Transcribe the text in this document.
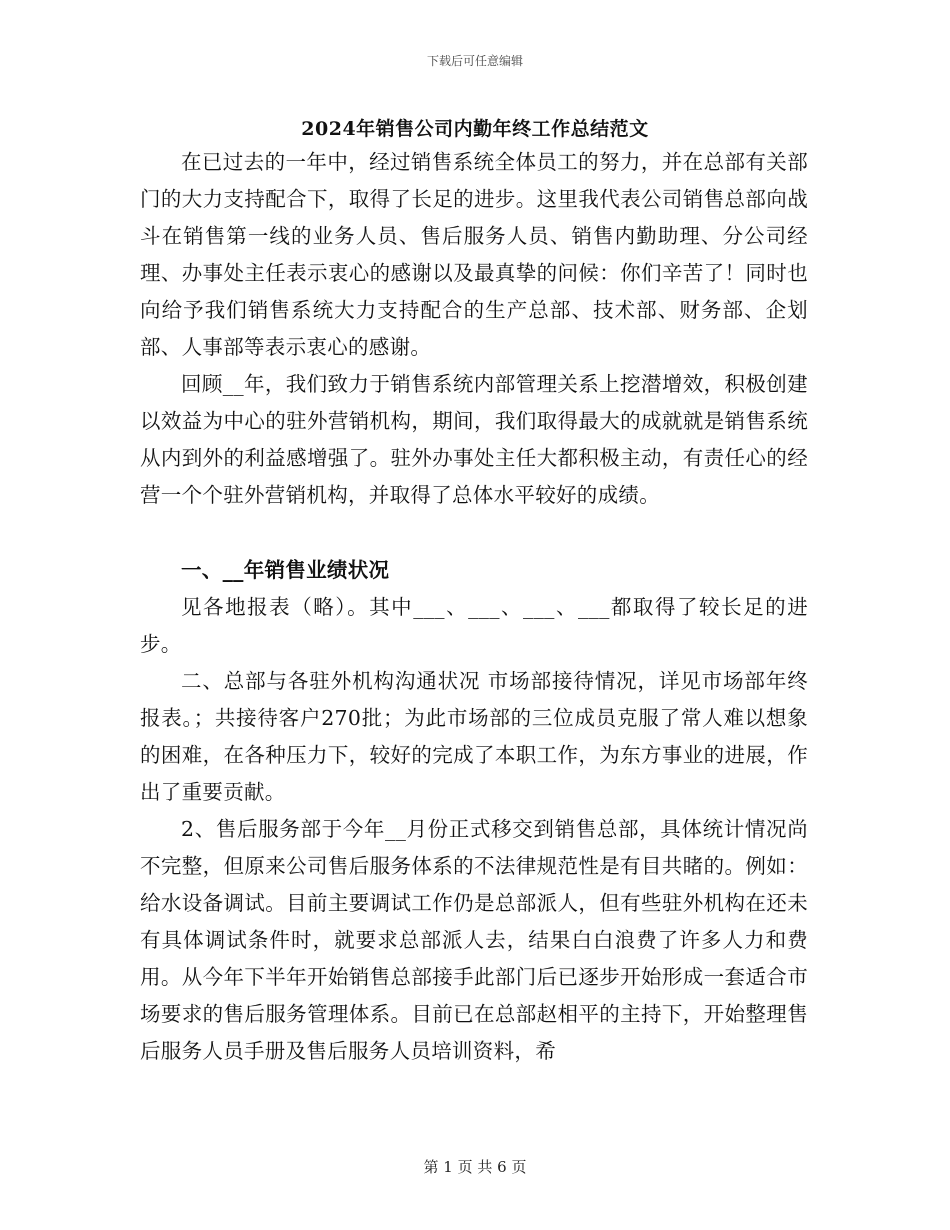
下载后可任意编辑
2024年销售公司内勤年终工作总结范文

在已过去的一年中，经过销售系统全体员工的努力，并在总部有关部门的大力支持配合下，取得了长足的进步。这里我代表公司销售总部向战斗在销售第一线的业务人员、售后服务人员、销售内勤助理、分公司经理、办事处主任表示衷心的感谢以及最真挚的问候：你们辛苦了！同时也向给予我们销售系统大力支持配合的生产总部、技术部、财务部、企划部、人事部等表示衷心的感谢。

回顾__年，我们致力于销售系统内部管理关系上挖潜增效，积极创建以效益为中心的驻外营销机构，期间，我们取得最大的成就就是销售系统从内到外的利益感增强了。驻外办事处主任大都积极主动，有责任心的经营一个个驻外营销机构，并取得了总体水平较好的成绩。

一、__年销售业绩状况

见各地报表（略）。其中___、___、___、___都取得了较长足的进步。

二、总部与各驻外机构沟通状况 市场部接待情况，详见市场部年终报表。；共接待客户270批；为此市场部的三位成员克服了常人难以想象的困难，在各种压力下，较好的完成了本职工作，为东方事业的进展，作出了重要贡献。

2、售后服务部于今年__月份正式移交到销售总部，具体统计情况尚不完整，但原来公司售后服务体系的不法律规范性是有目共睹的。例如：给水设备调试。目前主要调试工作仍是总部派人，但有些驻外机构在还未有具体调试条件时，就要求总部派人去，结果白白浪费了许多人力和费用。从今年下半年开始销售总部接手此部门后已逐步开始形成一套适合市场要求的售后服务管理体系。目前已在总部赵相平的主持下，开始整理售后服务人员手册及售后服务人员培训资料，希

第 1 页 共 6 页
